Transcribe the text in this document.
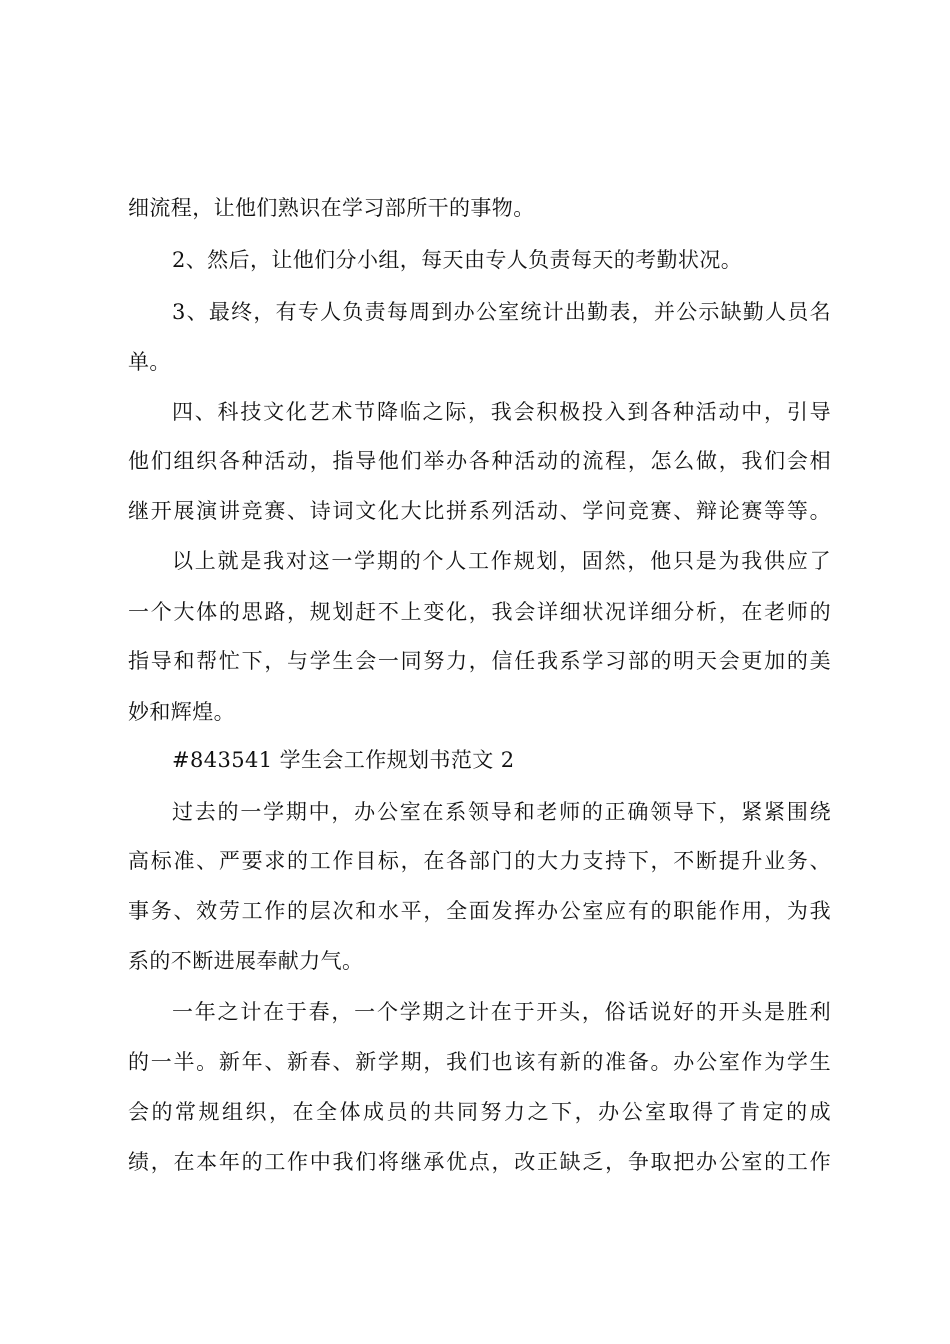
细流程，让他们熟识在学习部所干的事物。
2、然后，让他们分小组，每天由专人负责每天的考勤状况。
3、最终，有专人负责每周到办公室统计出勤表，并公示缺勤人员名
单。
四、科技文化艺术节降临之际，我会积极投入到各种活动中，引导
他们组织各种活动，指导他们举办各种活动的流程，怎么做，我们会相
继开展演讲竞赛、诗词文化大比拼系列活动、学问竞赛、辩论赛等等。
以上就是我对这一学期的个人工作规划，固然，他只是为我供应了
一个大体的思路，规划赶不上变化，我会详细状况详细分析，在老师的
指导和帮忙下，与学生会一同努力，信任我系学习部的明天会更加的美
妙和辉煌。
#843541 学生会工作规划书范文 2
过去的一学期中，办公室在系领导和老师的正确领导下，紧紧围绕
高标准、严要求的工作目标，在各部门的大力支持下，不断提升业务、
事务、效劳工作的层次和水平，全面发挥办公室应有的职能作用，为我
系的不断进展奉献力气。
一年之计在于春，一个学期之计在于开头，俗话说好的开头是胜利
的一半。新年、新春、新学期，我们也该有新的准备。办公室作为学生
会的常规组织，在全体成员的共同努力之下，办公室取得了肯定的成
绩，在本年的工作中我们将继承优点，改正缺乏，争取把办公室的工作
